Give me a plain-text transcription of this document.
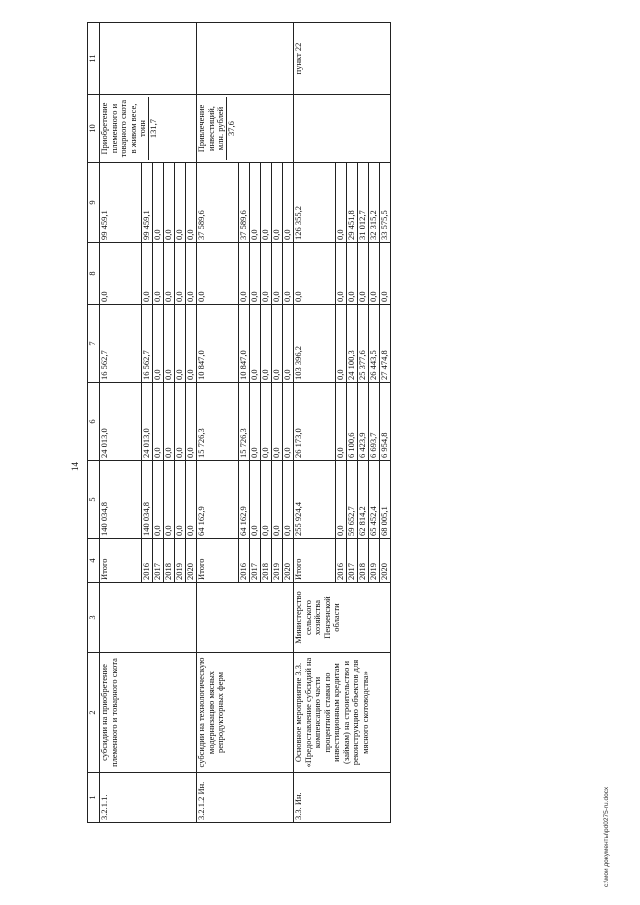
14
1	2	3	4	5	6	7	8	9	10	11
3.2.1.1.	субсидии на приобретение племенного и товарного скота		Итого	140 034,8	24 013,0	16 562,7	0,0	99 459,1	Приобретение племенного и товарного скота в живом весе, тонн 131,7	

			2016	140 034,8	24 013,0	16 562,7	0,0	99 459,1		
			2017	0,0	0,0	0,0	0,0	0,0		
			2018	0,0	0,0	0,0	0,0	0,0		
			2019	0,0	0,0	0,0	0,0	0,0		
			2020	0,0	0,0	0,0	0,0	0,0		
3.2.1.2 Ин.	субсидии на технологическую модернизацию мясных репродукторных ферм		Итого	64 162,9	15 726,3	10 847,0	0,0	37 589,6	Привлечение инвестиций, млн. рублей 37,6	

			2016	64 162,9	15 726,3	10 847,0	0,0	37 589,6		
			2017	0,0	0,0	0,0	0,0	0,0		
			2018	0,0	0,0	0,0	0,0	0,0		
			2019	0,0	0,0	0,0	0,0	0,0		
			2020	0,0	0,0	0,0	0,0	0,0		
3.3. Ин.	Основное мероприятие 3.3. «Предоставление субсидий на компенсацию части процентной ставки по инвестиционным кредитам (займам) на строительство и реконструкцию объектов для мясного скотоводства»	Министерство сельского хозяйства Пензенской области	Итого	255 924,4	26 173,0	103 396,2	0,0	126 355,2		пункт 22
			2016	0,0	0,0	0,0	0,0	0,0		
			2017	59 652,7	6 100,6	24 100,3	0,0	29 451,8		
			2018	62 814,2	6 423,9	25 377,6	0,0	31 012,7		
			2019	65 452,4	6 693,7	26 443,5	0,0	32 315,2		
			2020	68 005,1	6 954,8	27 474,8	0,0	33 575,5		
c:\мои документы\pd0275-ru.docx
